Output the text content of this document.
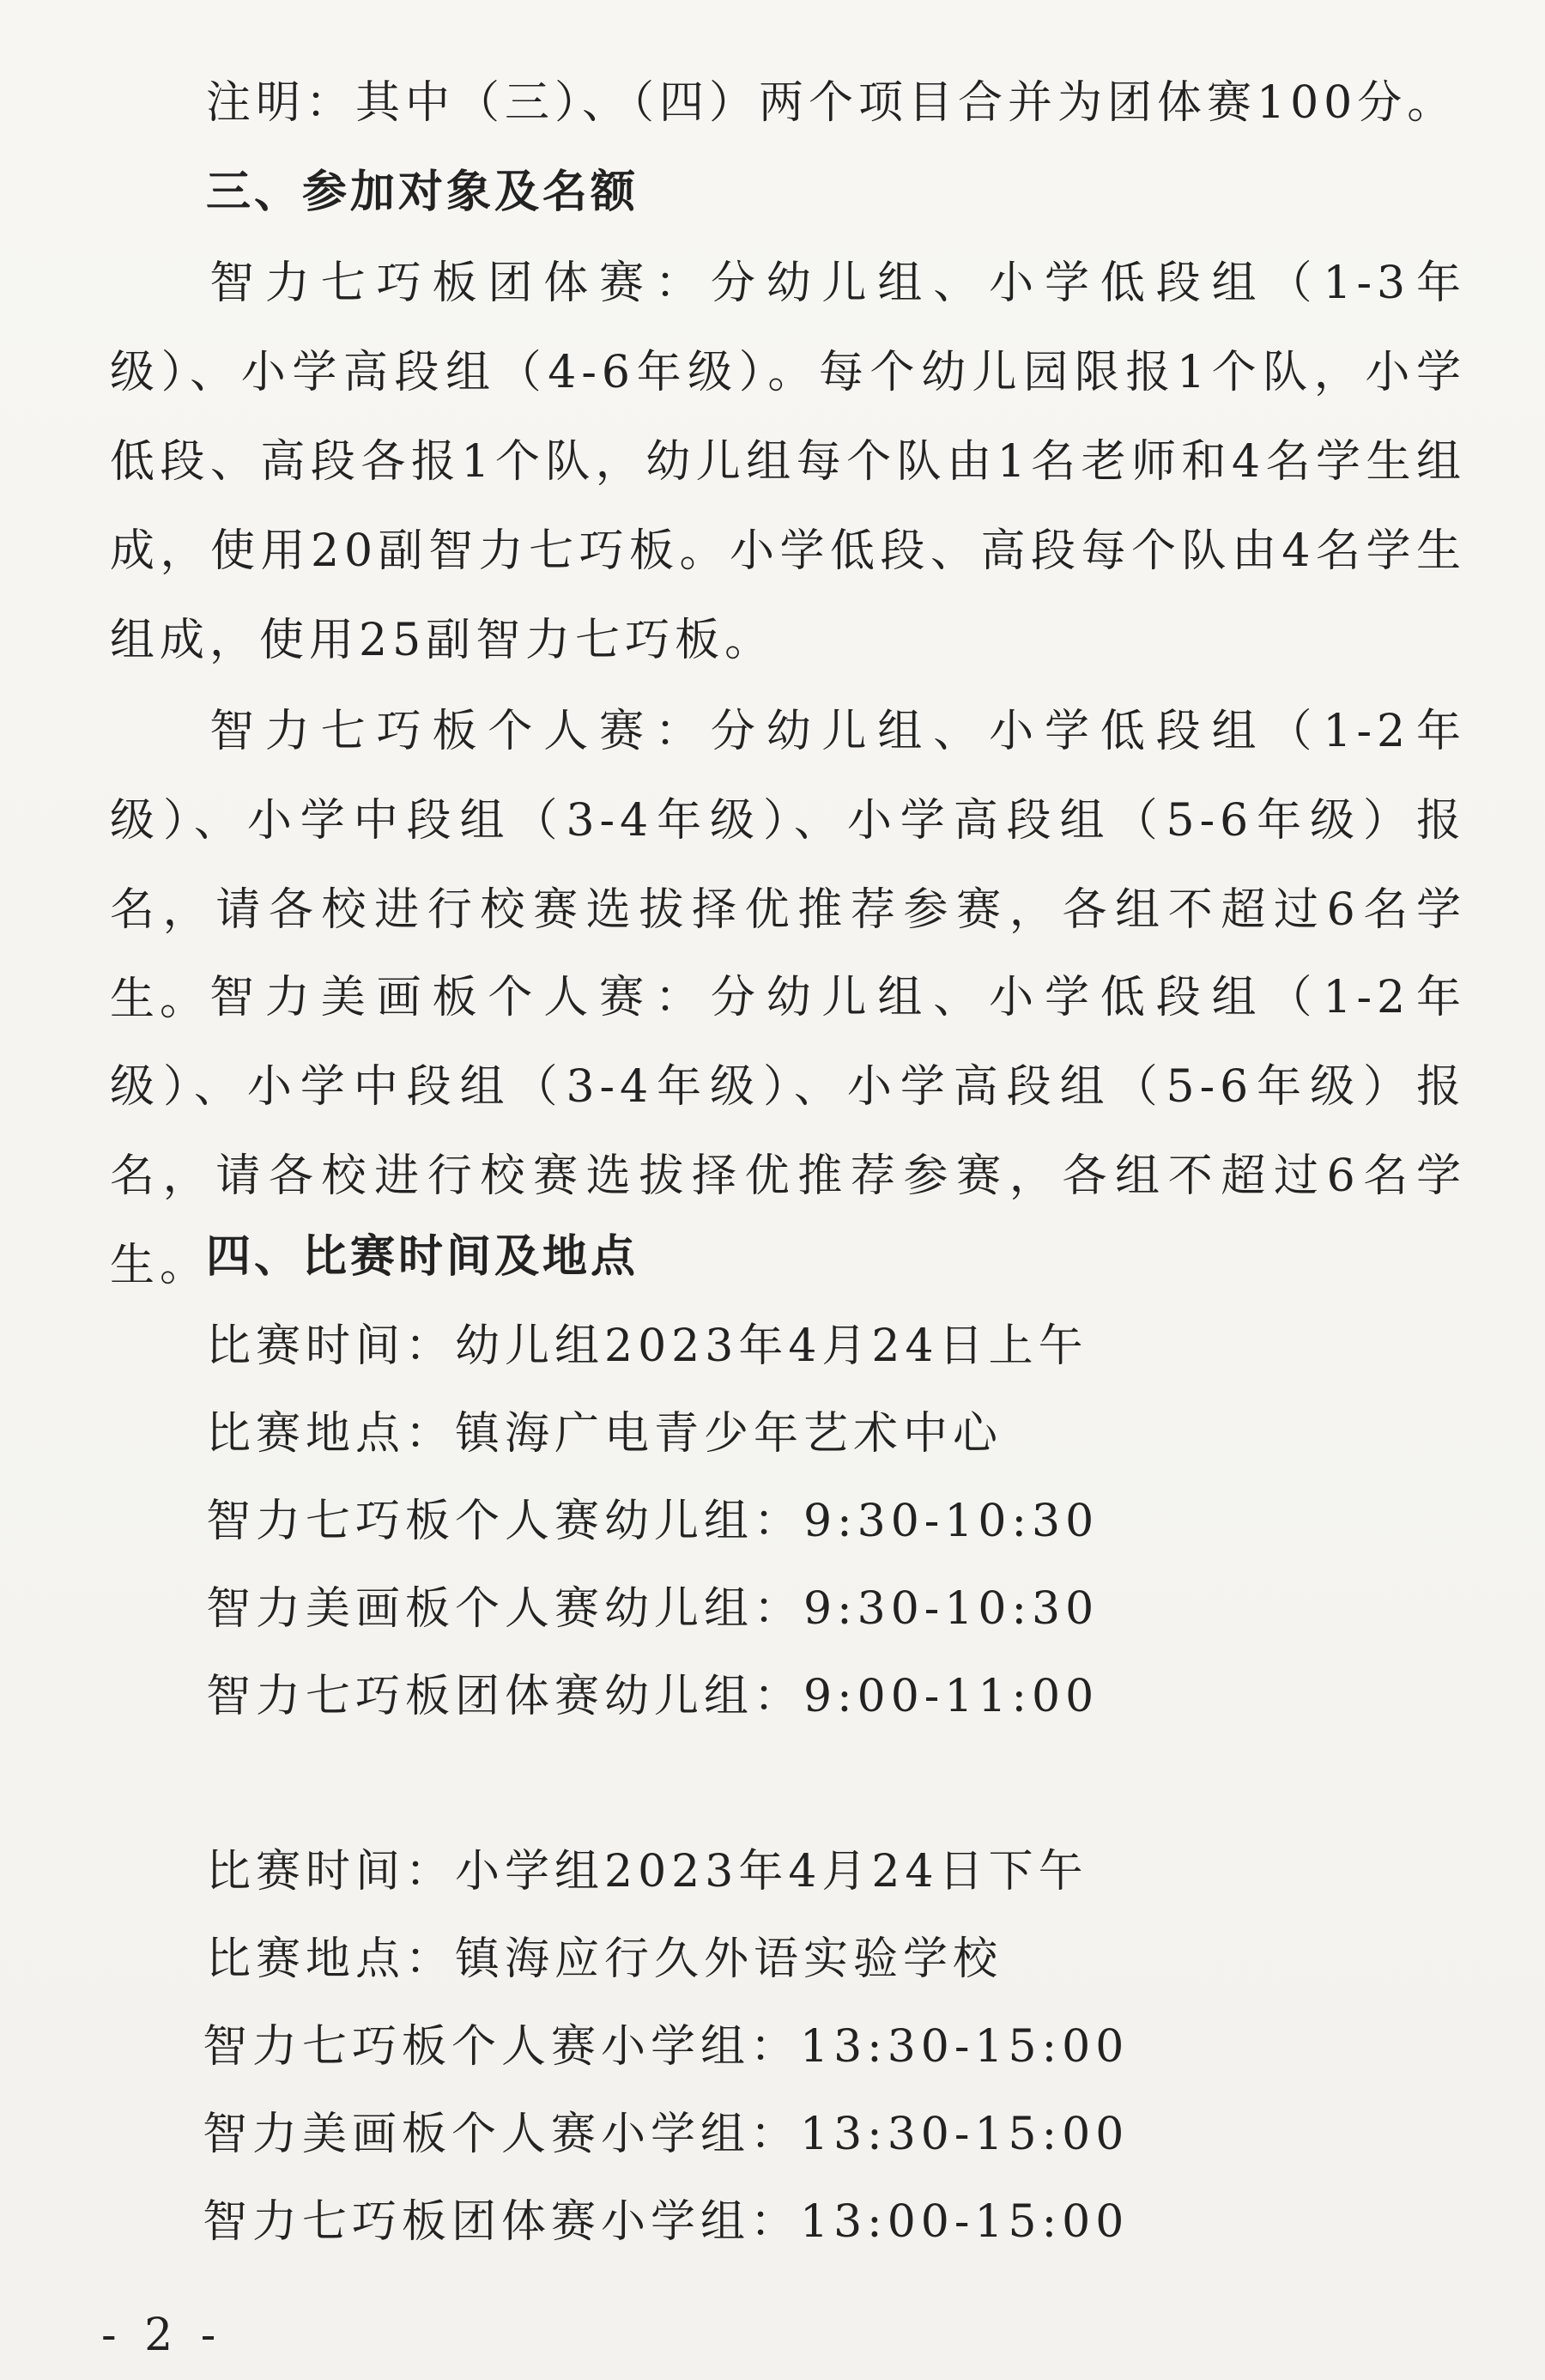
注明：其中（三）、（四）两个项目合并为团体赛100分。
三、参加对象及名额
智力七巧板团体赛：分幼儿组、小学低段组（1-3年级）、小学高段组（4-6年级）。每个幼儿园限报1个队，小学低段、高段各报1个队，幼儿组每个队由1名老师和4名学生组成，使用20副智力七巧板。小学低段、高段每个队由4名学生组成，使用25副智力七巧板。
智力七巧板个人赛：分幼儿组、小学低段组（1-2年级）、小学中段组（3-4年级）、小学高段组（5-6年级）报名，请各校进行校赛选拔择优推荐参赛，各组不超过6名学生。 智力美画板个人赛：分幼儿组、小学低段组（1-2年级）、小学中段组（3-4年级）、小学高段组（5-6年级）报名，请各校进行校赛选拔择优推荐参赛，各组不超过6名学生。
四、比赛时间及地点
比赛时间：幼儿组2023年4月24日上午
比赛地点：镇海广电青少年艺术中心
智力七巧板个人赛幼儿组：9:30-10:30
智力美画板个人赛幼儿组：9:30-10:30
智力七巧板团体赛幼儿组：9:00-11:00
比赛时间：小学组2023年4月24日下午
比赛地点：镇海应行久外语实验学校
智力七巧板个人赛小学组：13:30-15:00
智力美画板个人赛小学组：13:30-15:00
智力七巧板团体赛小学组：13:00-15:00
- 2 -
